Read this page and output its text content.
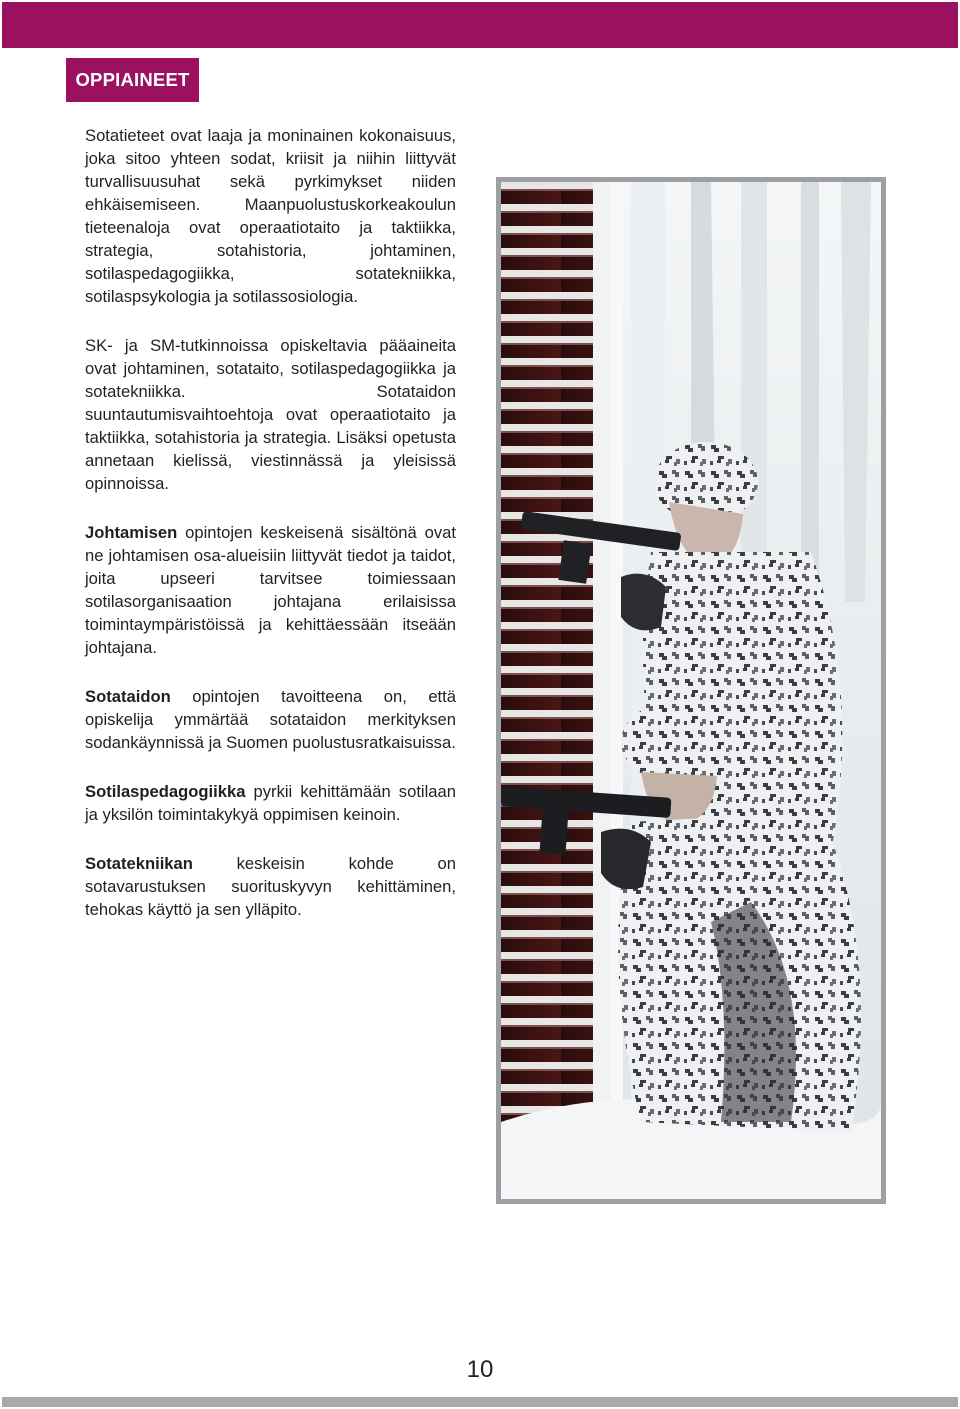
OPPIAINEET

Sotatieteet ovat laaja ja moninainen kokonaisuus, joka sitoo yhteen sodat, kriisit ja niihin liittyvät turvallisuusuhat sekä pyrkimykset niiden ehkäisemiseen. Maanpuolustuskorkeakoulun tieteenaloja ovat operaatiotaito ja taktiikka, strategia, sotahistoria, johtaminen, sotilaspedagogiikka, sotatekniikka, sotilaspsykologia ja sotilassosiologia.

SK- ja SM-tutkinnoissa opiskeltavia pääaineita ovat johtaminen, sotataito, sotilaspedagogiikka ja sotatekniikka. Sotataidon suuntautumisvaihtoehtoja ovat operaatiotaito ja taktiikka, sotahistoria ja strategia. Lisäksi opetusta annetaan kielissä, viestinnässä ja yleisissä opinnoissa.

Johtamisen opintojen keskeisenä sisältönä ovat ne johtamisen osa-alueisiin liittyvät tiedot ja taidot, joita upseeri tarvitsee toimiessaan sotilasorganisaation johtajana erilaisissa toimintaympäristöissä ja kehittäessään itseään johtajana.

Sotataidon opintojen tavoitteena on, että opiskelija ymmärtää sotataidon merkityksen sodankäynnissä ja Suomen puolustusratkaisuissa.

Sotilaspedagogiikka pyrkii kehittämään sotilaan ja yksilön toimintakykyä oppimisen keinoin.

Sotatekniikan keskeisin kohde on sotavarustuksen suorituskyvyn kehittäminen, tehokas käyttö ja sen ylläpito.

10
